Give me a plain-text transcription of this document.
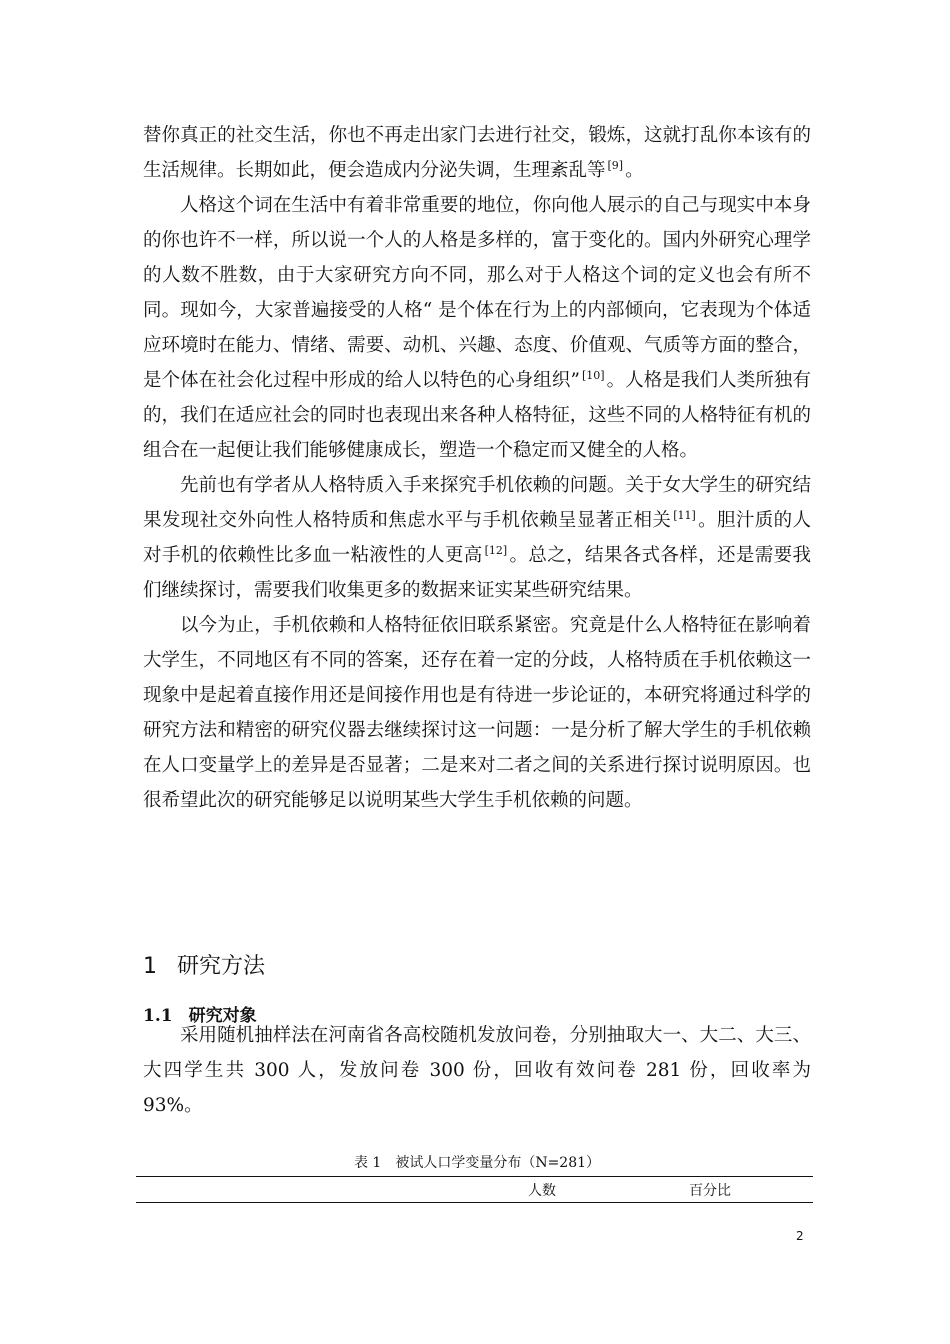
替你真正的社交生活，你也不再走出家门去进行社交，锻炼，这就打乱你本该有的生活规律。长期如此，便会造成内分泌失调，生理紊乱等 [9] 。

人格这个词在生活中有着非常重要的地位，你向他人展示的自己与现实中本身的你也许不一样，所以说一个人的人格是多样的，富于变化的。国内外研究心理学的人数不胜数，由于大家研究方向不同，那么对于人格这个词的定义也会有所不同。现如今，大家普遍接受的人格“ 是个体在行为上的内部倾向，它表现为个体适应环境时在能力、情绪、需要、动机、兴趣、态度、价值观、气质等方面的整合，是个体在社会化过程中形成的给人以特色的心身组织” [10] 。人格是我们人类所独有的，我们在适应社会的同时也表现出来各种人格特征，这些不同的人格特征有机的组合在一起便让我们能够健康成长，塑造一个稳定而又健全的人格。

先前也有学者从人格特质入手来探究手机依赖的问题。关于女大学生的研究结果发现社交外向性人格特质和焦虑水平与手机依赖呈显著正相关 [11] 。胆汁质的人对手机的依赖性比多血一粘液性的人更高 [12] 。总之，结果各式各样，还是需要我们继续探讨，需要我们收集更多的数据来证实某些研究结果。

以今为止，手机依赖和人格特征依旧联系紧密。究竟是什么人格特征在影响着大学生，不同地区有不同的答案，还存在着一定的分歧，人格特质在手机依赖这一现象中是起着直接作用还是间接作用也是有待进一步论证的，本研究将通过科学的研究方法和精密的研究仪器去继续探讨这一问题：一是分析了解大学生的手机依赖在人口变量学上的差异是否显著；二是来对二者之间的关系进行探讨说明原因。也很希望此次的研究能够足以说明某些大学生手机依赖的问题。

1 研究方法
1.1 研究对象

采用随机抽样法在河南省各高校随机发放问卷，分别抽取大一、大二、大三、大四学生共 300 人，发放问卷 300 份，回收有效问卷 281 份，回收率为 93%。

表 1 被试人口学变量分布（N=281）
人数	百分比
2
